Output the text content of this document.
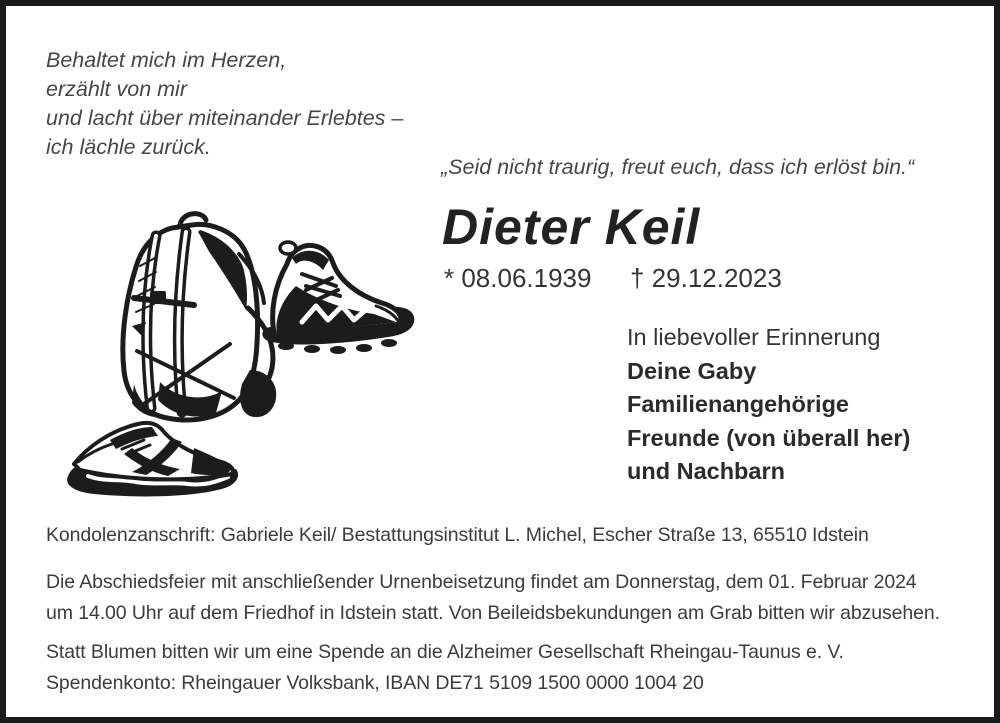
Behaltet mich im Herzen,
erzählt von mir
und lacht über miteinander Erlebtes –
ich lächle zurück.
„Seid nicht traurig, freut euch, dass ich erlöst bin.“
Dieter Keil
* 08.06.1939 † 29.12.2023
In liebevoller Erinnerung
Deine Gaby
Familienangehörige
Freunde (von überall her)
und Nachbarn
Kondolenzanschrift: Gabriele Keil/ Bestattungsinstitut L. Michel, Escher Straße 13, 65510 Idstein
Die Abschiedsfeier mit anschließender Urnenbeisetzung findet am Donnerstag, dem 01. Februar 2024
um 14.00 Uhr auf dem Friedhof in Idstein statt. Von Beileidsbekundungen am Grab bitten wir abzusehen.
Statt Blumen bitten wir um eine Spende an die Alzheimer Gesellschaft Rheingau-Taunus e. V.
Spendenkonto: Rheingauer Volksbank, IBAN DE71 5109 1500 0000 1004 20
